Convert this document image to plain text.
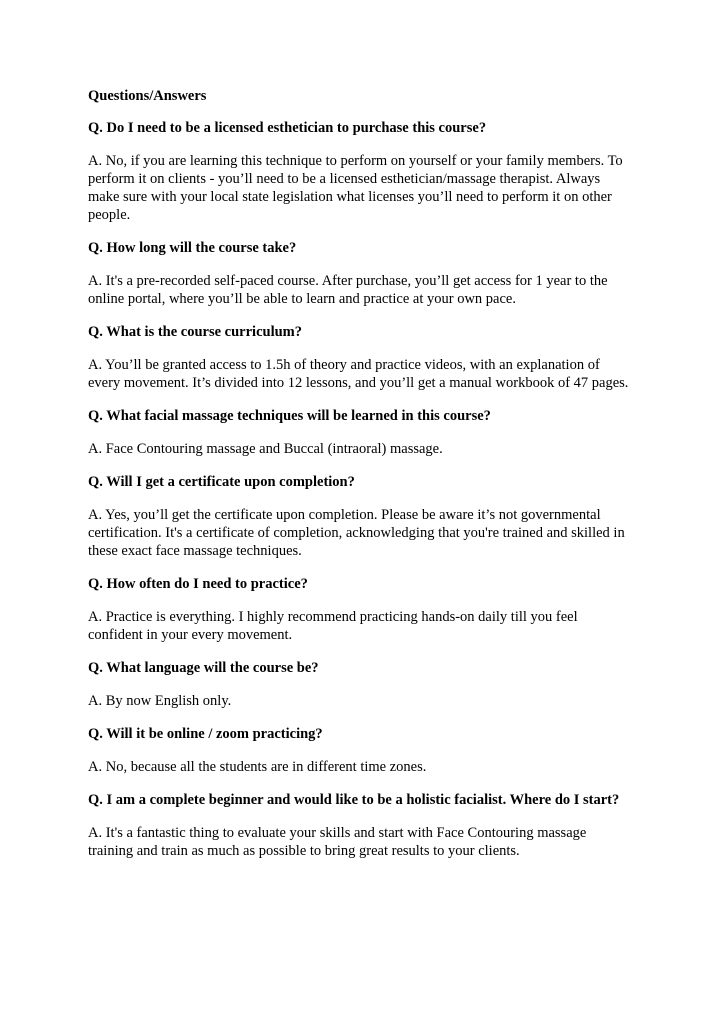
Questions/Answers
Q. Do I need to be a licensed esthetician to purchase this course?
A. No, if you are learning this technique to perform on yourself or your family members. To
perform it on clients - you’ll need to be a licensed esthetician/massage therapist. Always
make sure with your local state legislation what licenses you’ll need to perform it on other
people.
Q. How long will the course take?
A. It's a pre-recorded self-paced course. After purchase, you’ll get access for 1 year to the
online portal, where you’ll be able to learn and practice at your own pace.
Q. What is the course curriculum?
A. You’ll be granted access to 1.5h of theory and practice videos, with an explanation of
every movement. It’s divided into 12 lessons, and you’ll get a manual workbook of 47 pages.
Q. What facial massage techniques will be learned in this course?
A. Face Contouring massage and Buccal (intraoral) massage.
Q. Will I get a certificate upon completion?
A. Yes, you’ll get the certificate upon completion. Please be aware it’s not governmental
certification. It's a certificate of completion, acknowledging that you're trained and skilled in
these exact face massage techniques.
Q. How often do I need to practice?
A. Practice is everything. I highly recommend practicing hands-on daily till you feel
confident in your every movement.
Q. What language will the course be?
A. By now English only.
Q. Will it be online / zoom practicing?
A. No, because all the students are in different time zones.
Q. I am a complete beginner and would like to be a holistic facialist. Where do I start?
A. It's a fantastic thing to evaluate your skills and start with Face Contouring massage
training and train as much as possible to bring great results to your clients.
